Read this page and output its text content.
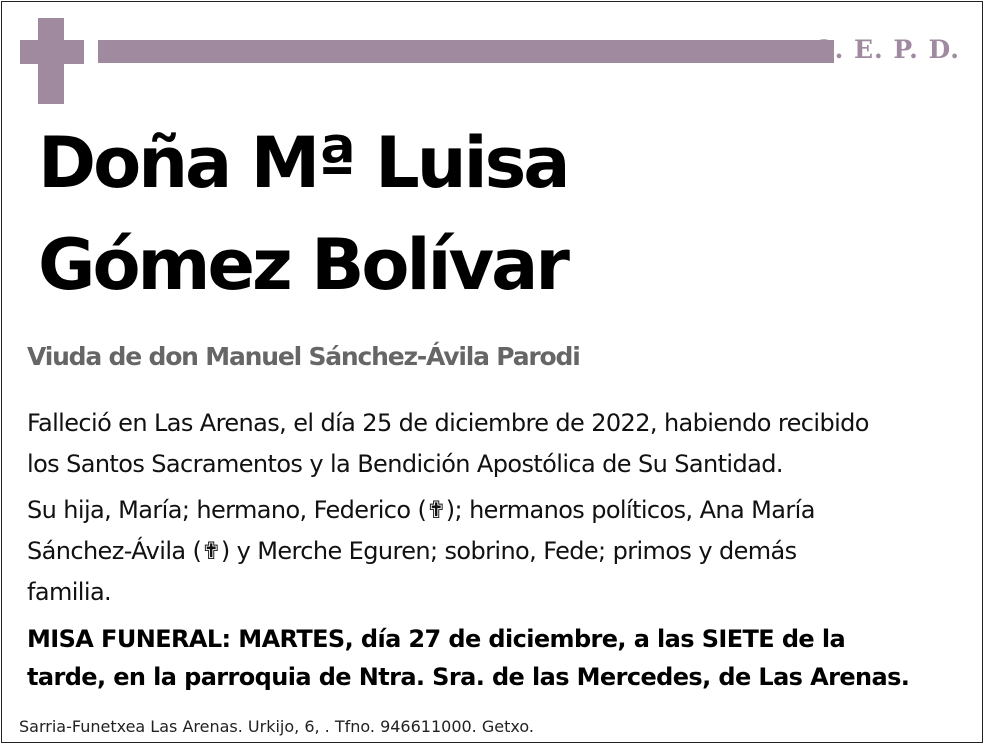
Q. E. P. D.
Doña Mª Luisa
Gómez Bolívar
Viuda de don Manuel Sánchez-Ávila Parodi
Falleció en Las Arenas, el día 25 de diciembre de 2022, habiendo recibido
los Santos Sacramentos y la Bendición Apostólica de Su Santidad.
Su hija, María; hermano, Federico (✟); hermanos políticos, Ana María
Sánchez-Ávila (✟) y Merche Eguren; sobrino, Fede; primos y demás
familia.
MISA FUNERAL: MARTES, día 27 de diciembre, a las SIETE de la
tarde, en la parroquia de Ntra. Sra. de las Mercedes, de Las Arenas.
Sarria-Funetxea Las Arenas. Urkijo, 6, . Tfno. 946611000. Getxo.
